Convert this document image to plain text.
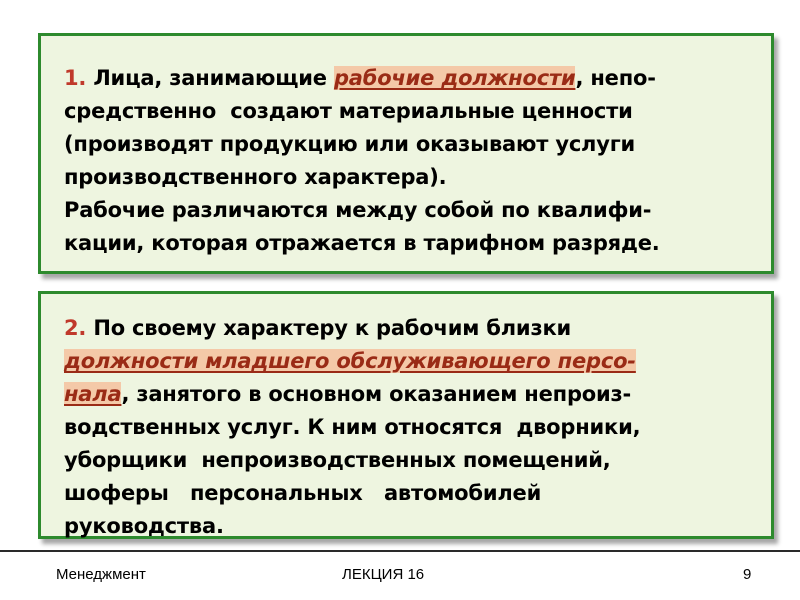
1. Лица, занимающие рабочие должности, непо-
средственно  создают материальные ценности
(производят продукцию или оказывают услуги
производственного характера).
Рабочие различаются между собой по квалифи-
кации, которая отражается в тарифном разряде.
2. По своему характеру к рабочим близки
должности младшего обслуживающего персо-
нала, занятого в основном оказанием непроиз-
водственных услуг. К ним относятся  дворники,
уборщики  непроизводственных помещений,
шоферы   персональных   автомобилей
руководства.
Менеджмент	ЛЕКЦИЯ 16	9
